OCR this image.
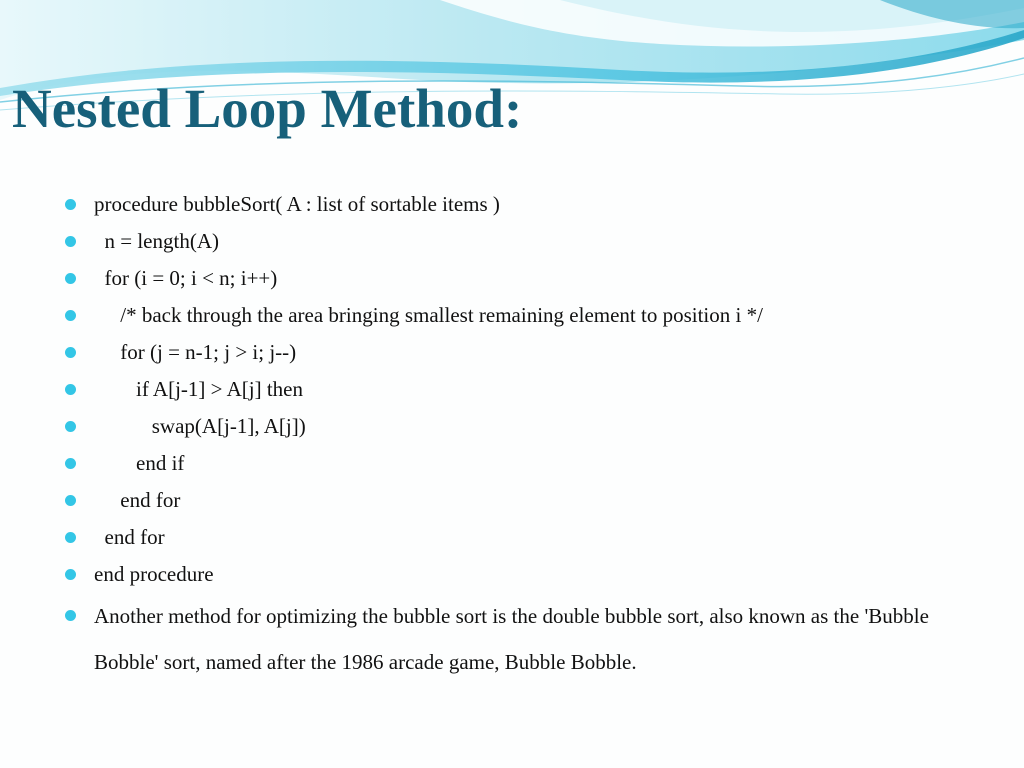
Nested Loop Method:
procedure bubbleSort( A : list of sortable items )
n = length(A)
for (i = 0; i < n; i++)
/* back through the area bringing smallest remaining element to position i */
for (j = n-1; j > i; j--)
if A[j-1] > A[j] then
swap(A[j-1], A[j])
end if
end for
end for
end procedure
Another method for optimizing the bubble sort is the double bubble sort, also known as the 'Bubble Bobble' sort, named after the 1986 arcade game, Bubble Bobble.
